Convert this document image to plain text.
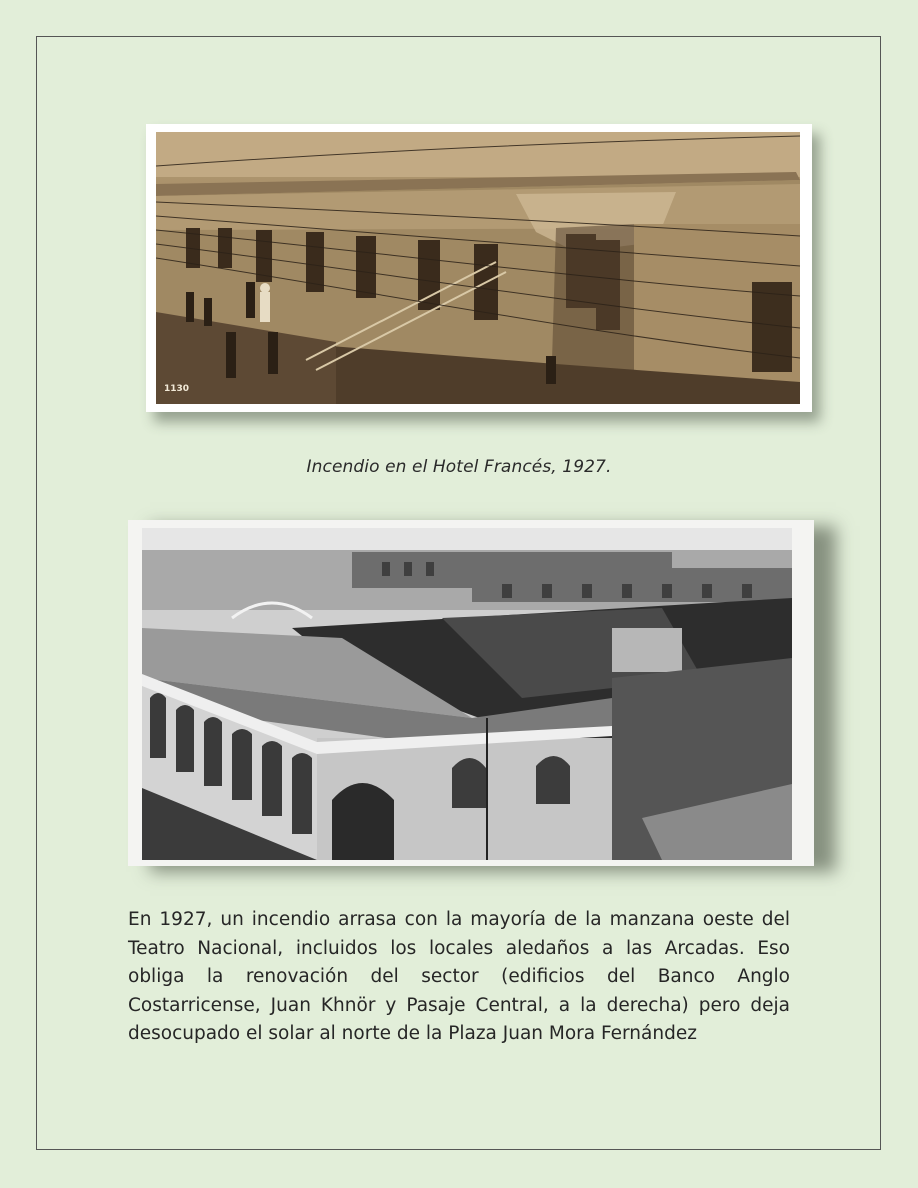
1130
Incendio en el Hotel Francés, 1927.

En 1927, un incendio arrasa con la mayoría de la manzana oeste del Teatro Nacional, incluidos los locales aledaños a las Arcadas. Eso obliga la renovación del sector (edificios del Banco Anglo Costarricense, Juan Khnör y Pasaje Central, a la derecha) pero deja desocupado el solar al norte de la Plaza Juan Mora Fernández
